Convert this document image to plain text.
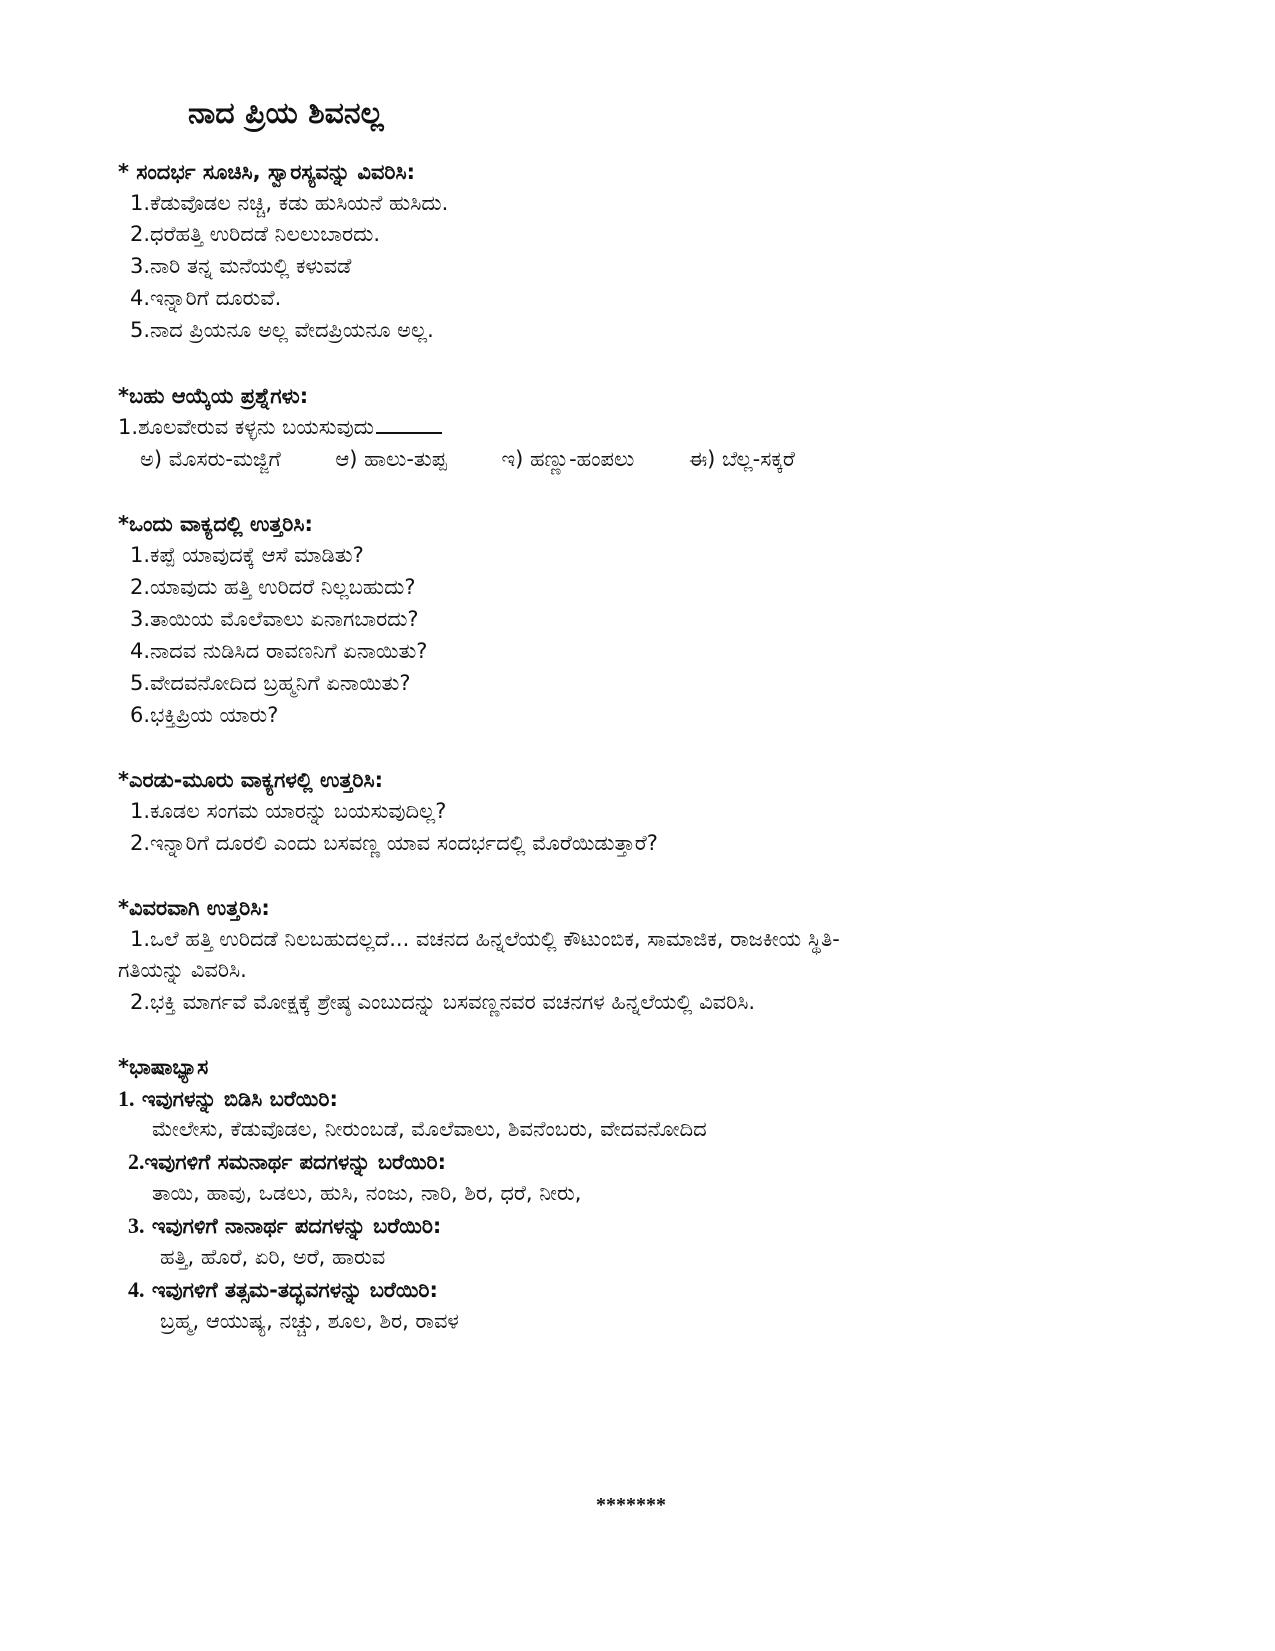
ನಾದ ಪ್ರಿಯ ಶಿವನಲ್ಲ
* ಸಂದರ್ಭ ಸೂಚಿಸಿ, ಸ್ವಾರಸ್ಯವನ್ನು ವಿವರಿಸಿ:
1.ಕೆಡುವೊಡಲ ನಚ್ಚಿ, ಕಡು ಹುಸಿಯನೆ ಹುಸಿದು.
2.ಧರೆಹತ್ತಿ ಉರಿದಡೆ ನಿಲಲುಬಾರದು.
3.ನಾರಿ ತನ್ನ ಮನೆಯಲ್ಲಿ ಕಳುವಡೆ
4.ಇನ್ನಾರಿಗೆ ದೂರುವೆ.
5.ನಾದ ಪ್ರಿಯನೂ ಅಲ್ಲ ವೇದಪ್ರಿಯನೂ ಅಲ್ಲ.
*ಬಹು ಆಯ್ಕೆಯ ಪ್ರಶ್ನೆಗಳು:
1.ಶೂಲವೇರುವ ಕಳ್ಳನು ಬಯಸುವುದು
ಅ) ಮೊಸರು-ಮಜ್ಜಿಗೆ	ಆ) ಹಾಲು-ತುಪ್ಪ	ಇ) ಹಣ್ಣು-ಹಂಪಲು	ಈ) ಬೆಲ್ಲ-ಸಕ್ಕರೆ
*ಒಂದು ವಾಕ್ಯದಲ್ಲಿ ಉತ್ತರಿಸಿ:
1.ಕಪ್ಪೆ ಯಾವುದಕ್ಕೆ ಆಸೆ ಮಾಡಿತು?
2.ಯಾವುದು ಹತ್ತಿ ಉರಿದರೆ ನಿಲ್ಲಬಹುದು?
3.ತಾಯಿಯ ಮೊಲೆವಾಲು ಏನಾಗಬಾರದು?
4.ನಾದವ ನುಡಿಸಿದ ರಾವಣನಿಗೆ ಏನಾಯಿತು?
5.ವೇದವನೋದಿದ ಬ್ರಹ್ಮನಿಗೆ ಏನಾಯಿತು?
6.ಭಕ್ತಿಪ್ರಿಯ ಯಾರು?
*ಎರಡು-ಮೂರು ವಾಕ್ಯಗಳಲ್ಲಿ ಉತ್ತರಿಸಿ:
1.ಕೂಡಲ ಸಂಗಮ ಯಾರನ್ನು ಬಯಸುವುದಿಲ್ಲ?
2.ಇನ್ನಾರಿಗೆ ದೂರಲಿ ಎಂದು ಬಸವಣ್ಣ ಯಾವ ಸಂದರ್ಭದಲ್ಲಿ ಮೊರೆಯಿಡುತ್ತಾರೆ?
*ವಿವರವಾಗಿ ಉತ್ತರಿಸಿ:
1.ಒಲೆ ಹತ್ತಿ ಉರಿದಡೆ ನಿಲಬಹುದಲ್ಲದೆ... ವಚನದ ಹಿನ್ನಲೆಯಲ್ಲಿ ಕೌಟುಂಬಿಕ, ಸಾಮಾಜಿಕ, ರಾಜಕೀಯ ಸ್ಥಿತಿ-
ಗತಿಯನ್ನು ವಿವರಿಸಿ.
2.ಭಕ್ತಿ ಮಾರ್ಗವೆ ಮೋಕ್ಷಕ್ಕೆ ಶ್ರೇಷ್ಠ ಎಂಬುದನ್ನು ಬಸವಣ್ಣನವರ ವಚನಗಳ ಹಿನ್ನಲೆಯಲ್ಲಿ ವಿವರಿಸಿ.
*ಭಾಷಾಭ್ಯಾಸ
1. ಇವುಗಳನ್ನು ಬಿಡಿಸಿ ಬರೆಯಿರಿ:
ಮೇಲೇಸು, ಕೆಡುವೊಡಲ, ನೀರುಂಬಡೆ, ಮೊಲೆವಾಲು, ಶಿವನೆಂಬರು, ವೇದವನೋದಿದ
2.ಇವುಗಳಿಗೆ ಸಮನಾರ್ಥ ಪದಗಳನ್ನು ಬರೆಯಿರಿ:
ತಾಯಿ, ಹಾವು, ಒಡಲು, ಹುಸಿ, ನಂಜು, ನಾರಿ, ಶಿರ, ಧರೆ, ನೀರು,
3. ಇವುಗಳಿಗೆ ನಾನಾರ್ಥ ಪದಗಳನ್ನು ಬರೆಯಿರಿ:
ಹತ್ತಿ, ಹೊರೆ, ಏರಿ, ಅರೆ, ಹಾರುವ
4. ಇವುಗಳಿಗೆ ತತ್ಸಮ-ತದ್ಭವಗಳನ್ನು ಬರೆಯಿರಿ:
ಬ್ರಹ್ಮ, ಆಯುಷ್ಯ, ನಚ್ಚು, ಶೂಲ, ಶಿರ, ರಾವಳ
*******
